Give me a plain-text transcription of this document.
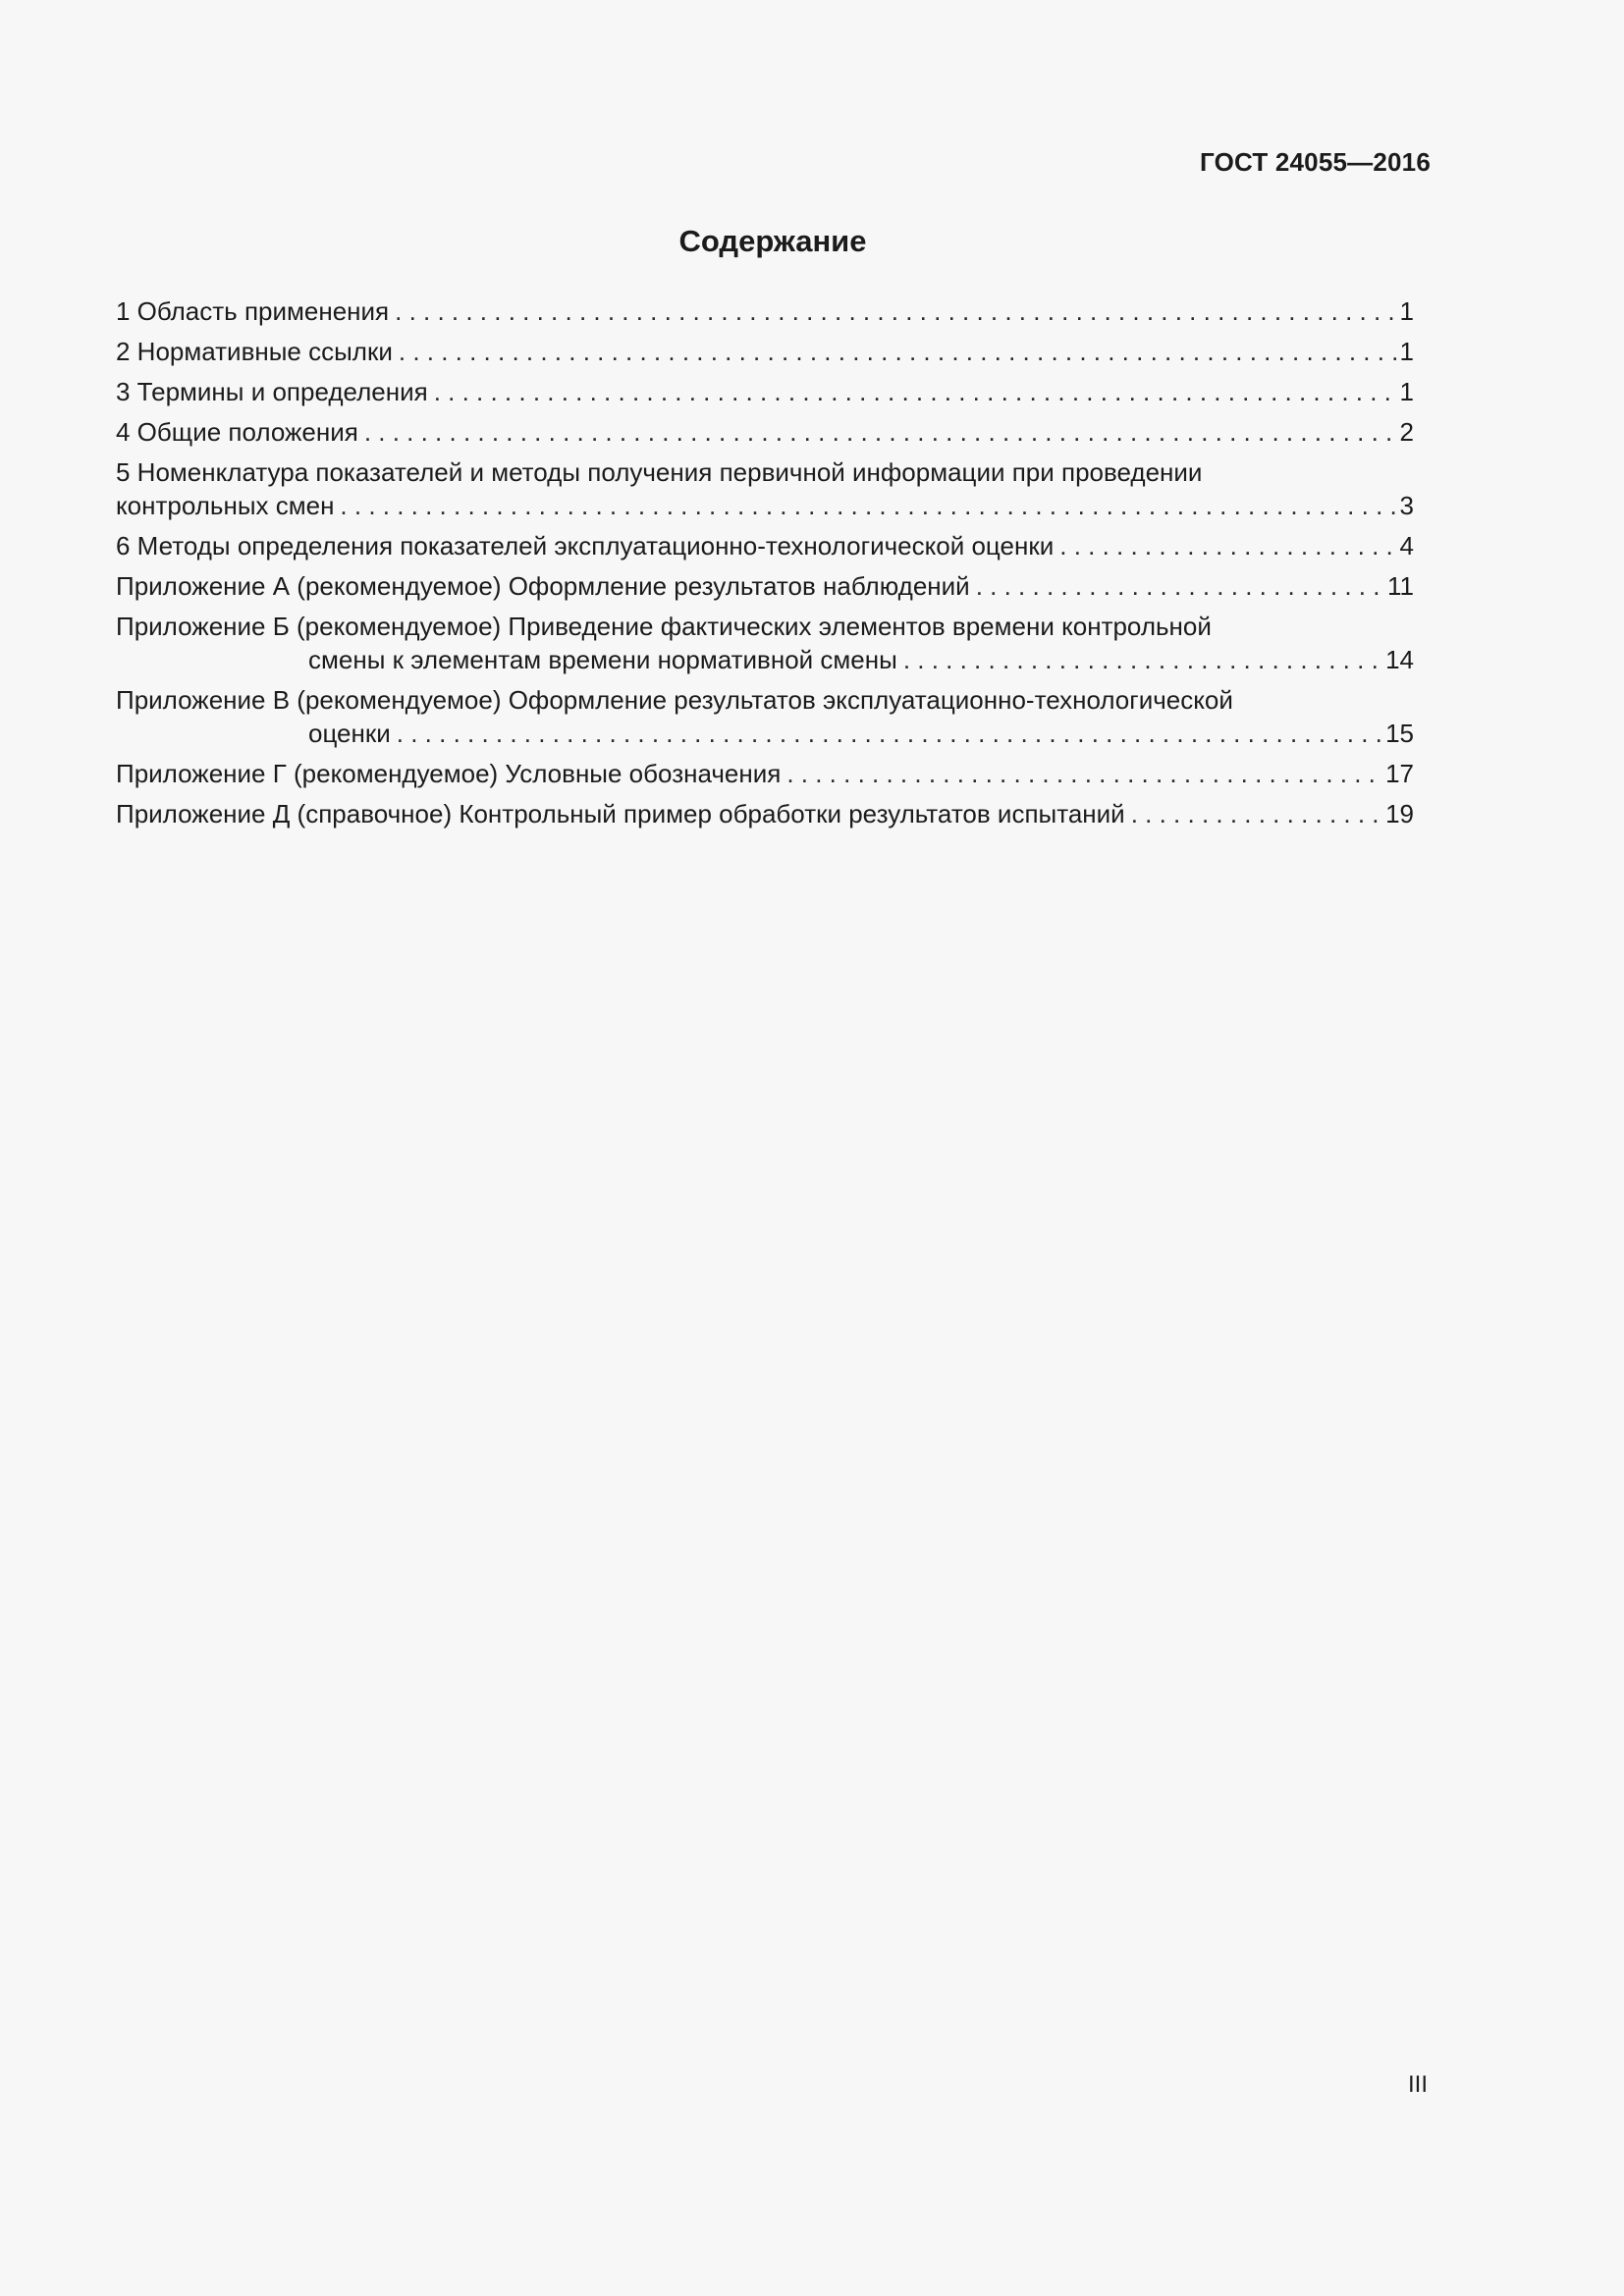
ГОСТ 24055—2016
Содержание
1 Область применения . . .	1
2 Нормативные ссылки . . .	1
3 Термины и определения . . .	1
4 Общие положения . . .	2
5 Номенклатура показателей и методы получения первичной информации при проведении
контрольных смен . . .	3
6 Методы определения показателей эксплуатационно-технологической оценки . . .	4
Приложение А (рекомендуемое) Оформление результатов наблюдений . . .	11
Приложение Б (рекомендуемое) Приведение фактических элементов времени контрольной
смены к элементам времени нормативной смены . . .	14
Приложение В (рекомендуемое) Оформление результатов эксплуатационно-технологической
оценки . . .	15
Приложение Г (рекомендуемое) Условные обозначения . . .	17
Приложение Д (справочное) Контрольный пример обработки результатов испытаний . . .	19
III
